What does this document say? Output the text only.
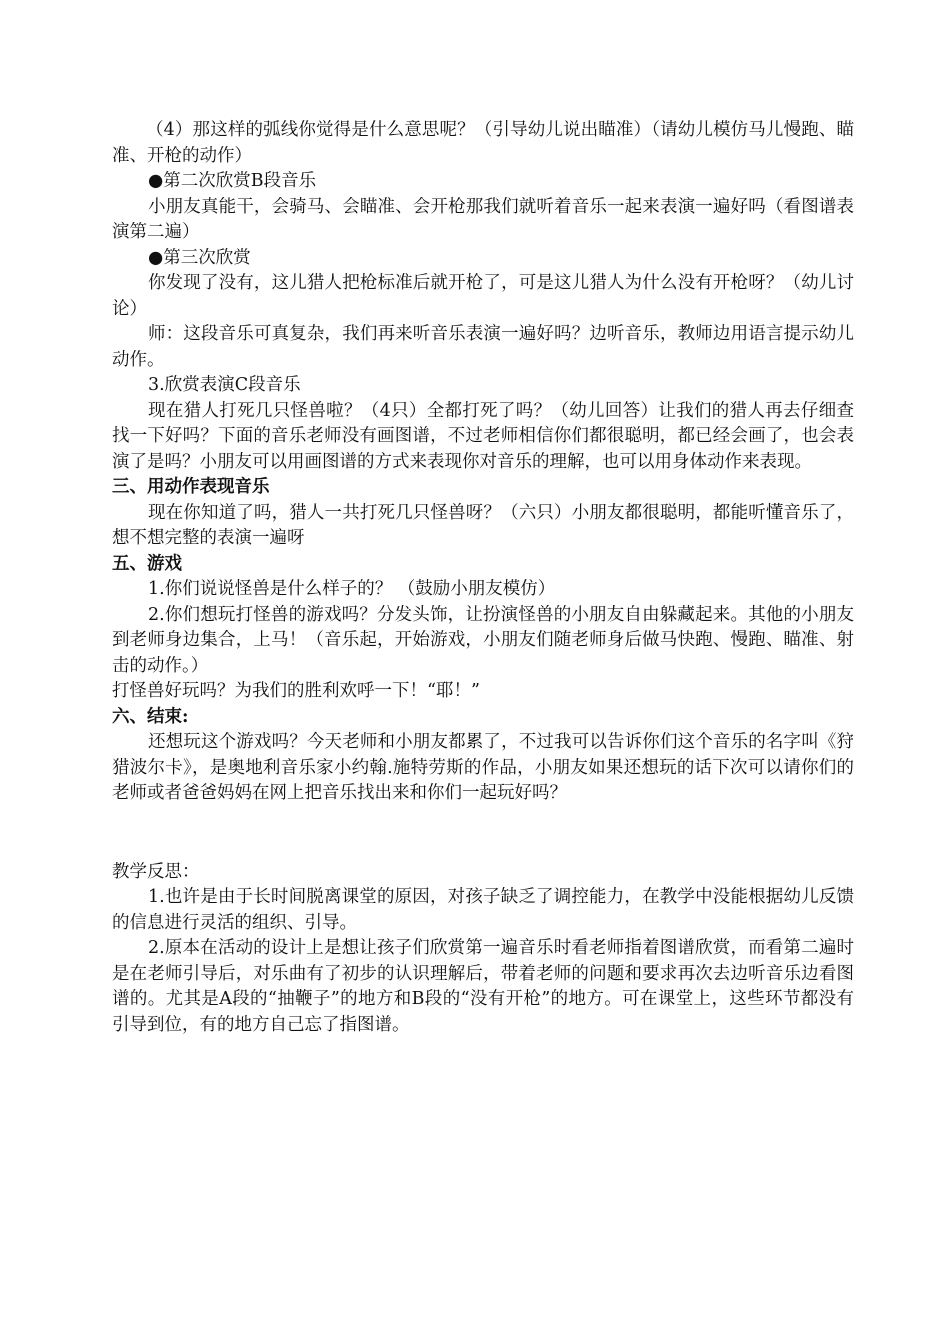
（4）那这样的弧线你觉得是什么意思呢？（引导幼儿说出瞄准）（请幼儿模仿马儿慢跑、瞄准、开枪的动作）

●第二次欣赏B段音乐

小朋友真能干，会骑马、会瞄准、会开枪那我们就听着音乐一起来表演一遍好吗（看图谱表演第二遍）

●第三次欣赏

你发现了没有，这儿猎人把枪标准后就开枪了，可是这儿猎人为什么没有开枪呀？（幼儿讨论）

师：这段音乐可真复杂，我们再来听音乐表演一遍好吗？边听音乐，教师边用语言提示幼儿动作。

3.欣赏表演C段音乐

现在猎人打死几只怪兽啦？（4只）全都打死了吗？（幼儿回答）让我们的猎人再去仔细查找一下好吗？下面的音乐老师没有画图谱，不过老师相信你们都很聪明，都已经会画了，也会表演了是吗？小朋友可以用画图谱的方式来表现你对音乐的理解，也可以用身体动作来表现。

三、用动作表现音乐

现在你知道了吗，猎人一共打死几只怪兽呀？（六只）小朋友都很聪明，都能听懂音乐了，想不想完整的表演一遍呀

五、游戏

1.你们说说怪兽是什么样子的？ （鼓励小朋友模仿）

2.你们想玩打怪兽的游戏吗？分发头饰，让扮演怪兽的小朋友自由躲藏起来。其他的小朋友到老师身边集合，上马！（音乐起，开始游戏，小朋友们随老师身后做马快跑、慢跑、瞄准、射击的动作。）

打怪兽好玩吗？为我们的胜利欢呼一下！“耶！”

六、结束:

还想玩这个游戏吗？今天老师和小朋友都累了，不过我可以告诉你们这个音乐的名字叫《狩猎波尔卡》，是奥地利音乐家小约翰.施特劳斯的作品，小朋友如果还想玩的话下次可以请你们的老师或者爸爸妈妈在网上把音乐找出来和你们一起玩好吗？

教学反思：

1.也许是由于长时间脱离课堂的原因，对孩子缺乏了调控能力，在教学中没能根据幼儿反馈的信息进行灵活的组织、引导。

2.原本在活动的设计上是想让孩子们欣赏第一遍音乐时看老师指着图谱欣赏，而看第二遍时是在老师引导后，对乐曲有了初步的认识理解后，带着老师的问题和要求再次去边听音乐边看图谱的。尤其是A段的“抽鞭子”的地方和B段的“没有开枪”的地方。可在课堂上，这些环节都没有引导到位，有的地方自己忘了指图谱。
